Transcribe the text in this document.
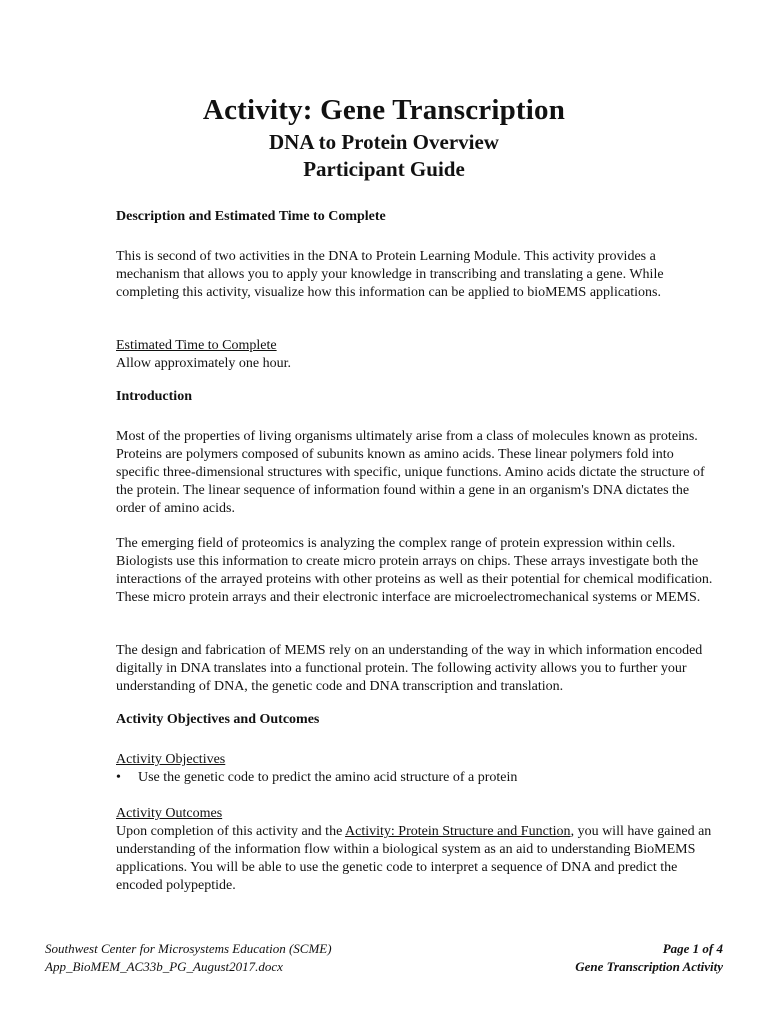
Activity: Gene Transcription
DNA to Protein Overview
Participant Guide
Description and Estimated Time to Complete
This is second of two activities in the DNA to Protein Learning Module. This activity provides a mechanism that allows you to apply your knowledge in transcribing and translating a gene. While completing this activity, visualize how this information can be applied to bioMEMS applications.
Estimated Time to Complete
Allow approximately one hour.
Introduction
Most of the properties of living organisms ultimately arise from a class of molecules known as proteins. Proteins are polymers composed of subunits known as amino acids. These linear polymers fold into specific three-dimensional structures with specific, unique functions. Amino acids dictate the structure of the protein. The linear sequence of information found within a gene in an organism's DNA dictates the order of amino acids.
The emerging field of proteomics is analyzing the complex range of protein expression within cells. Biologists use this information to create micro protein arrays on chips. These arrays investigate both the interactions of the arrayed proteins with other proteins as well as their potential for chemical modification. These micro protein arrays and their electronic interface are microelectromechanical systems or MEMS.
The design and fabrication of MEMS rely on an understanding of the way in which information encoded digitally in DNA translates into a functional protein. The following activity allows you to further your understanding of DNA, the genetic code and DNA transcription and translation.
Activity Objectives and Outcomes
Activity Objectives
• Use the genetic code to predict the amino acid structure of a protein
Activity Outcomes
Upon completion of this activity and the Activity: Protein Structure and Function, you will have gained an understanding of the information flow within a biological system as an aid to understanding BioMEMS applications. You will be able to use the genetic code to interpret a sequence of DNA and predict the encoded polypeptide.
Southwest Center for Microsystems Education (SCME)
App_BioMEM_AC33b_PG_August2017.docx
Page 1 of 4
Gene Transcription Activity
